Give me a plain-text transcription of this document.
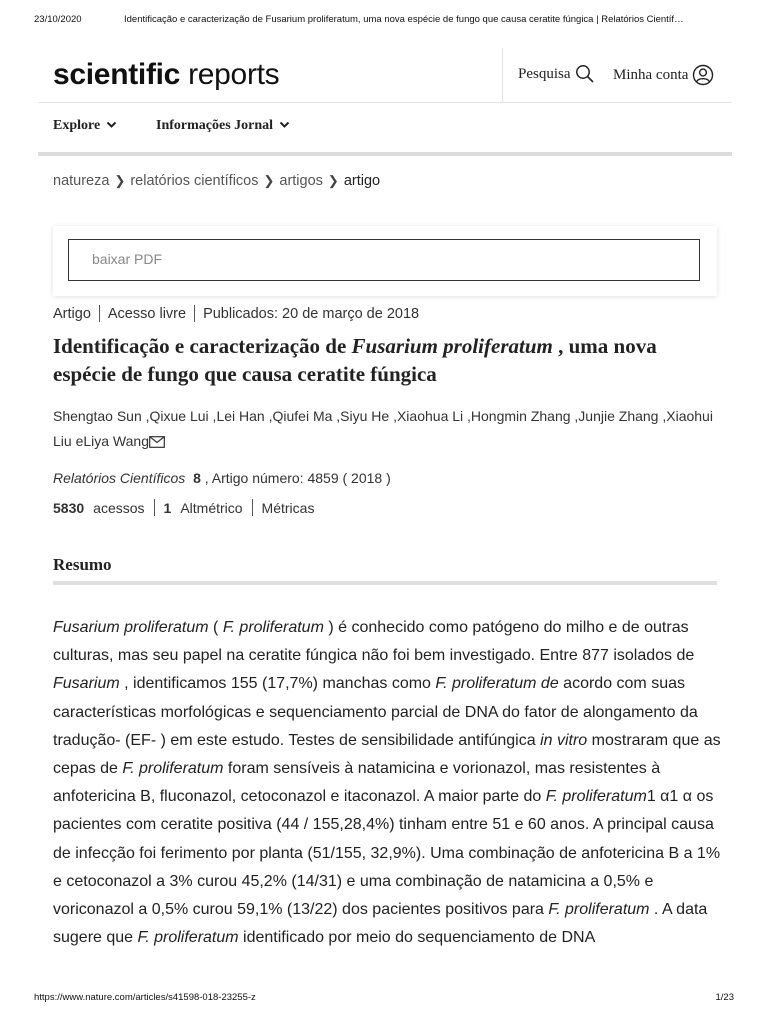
23/10/2020	Identificação e caracterização de Fusarium proliferatum, uma nova espécie de fungo que causa ceratite fúngica | Relatórios Científ…
scientific reports	Pesquisa	Minha conta
Explore	Informações Jornal
natureza ❯ relatórios científicos ❯ artigos ❯ artigo
baixar PDF
Artigo Acesso livre Publicados: 20 de março de 2018
Identificação e caracterização de Fusarium proliferatum , uma nova espécie de fungo que causa ceratite fúngica
Shengtao Sun ,Qixue Lui ,Lei Han ,Qiufei Ma ,Siyu He ,Xiaohua Li ,Hongmin Zhang ,Junjie Zhang ,Xiaohui Liu eLiya Wang
Relatórios Científicos 8 , Artigo número: 4859 ( 2018 )
5830 acessos 1 Altmétrico Métricas
Resumo

Fusarium proliferatum ( F. proliferatum ) é conhecido como patógeno do milho e de outras culturas, mas seu papel na ceratite fúngica não foi bem investigado. Entre 877 isolados de Fusarium , identificamos 155 (17,7%) manchas como F. proliferatum de acordo com suas características morfológicas e sequenciamento parcial de DNA do fator de alongamento da tradução- (EF- ) em este estudo. Testes de sensibilidade antifúngica in vitro mostraram que as cepas de F. proliferatum foram sensíveis à natamicina e vorionazol, mas resistentes à anfotericina B, fluconazol, cetoconazol e itaconazol. A maior parte do F. proliferatum1 α1 α os pacientes com ceratite positiva (44 / 155,28,4%) tinham entre 51 e 60 anos. A principal causa de infecção foi ferimento por planta (51/155, 32,9%). Uma combinação de anfotericina B a 1% e cetoconazol a 3% curou 45,2% (14/31) e uma combinação de natamicina a 0,5% e voriconazol a 0,5% curou 59,1% (13/22) dos pacientes positivos para F. proliferatum . A data sugere que F. proliferatum identificado por meio do sequenciamento de DNA

https://www.nature.com/articles/s41598-018-23255-z	1/23
